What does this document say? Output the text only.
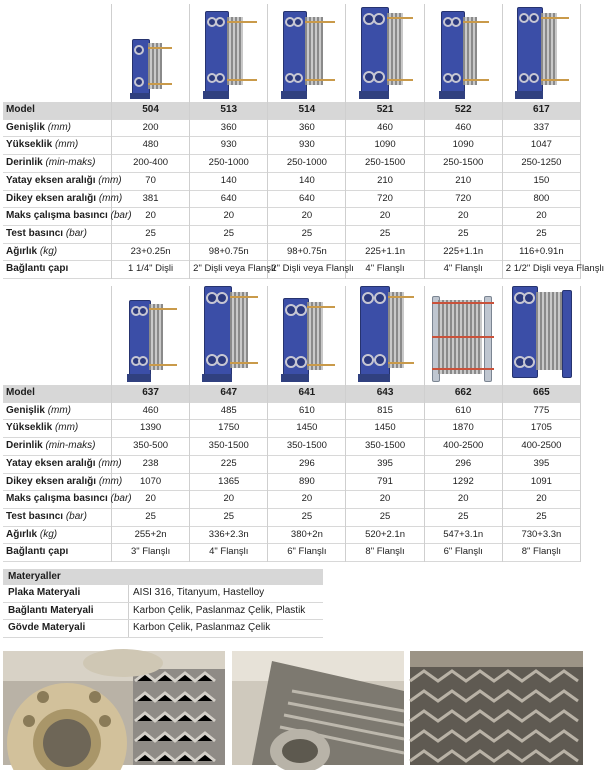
Model	504	513	514	521	522	617
Genişlik (mm)	200	360	360	460	460	337
Yükseklik (mm)	480	930	930	1090	1090	1047
Derinlik (min-maks)	200-400	250-1000	250-1000	250-1500	250-1500	250-1250
Yatay eksen aralığı (mm)	70	140	140	210	210	150
Dikey eksen aralığı (mm)	381	640	640	720	720	800
Maks çalışma basıncı (bar)	20	20	20	20	20	20
Test basıncı (bar)	25	25	25	25	25	25
Ağırlık (kg)	23+0.25n	98+0.75n	98+0.75n	225+1.1n	225+1.1n	116+0.91n
Bağlantı çapı	1 1/4" Dişli	2" Dişli veya Flanşlı	2" Dişli veya Flanşlı	4" Flanşlı	4" Flanşlı	2 1/2" Dişli veya Flanşlı

Model	637	647	641	643	662	665
Genişlik (mm)	460	485	610	815	610	775
Yükseklik (mm)	1390	1750	1450	1450	1870	1705
Derinlik (min-maks)	350-500	350-1500	350-1500	350-1500	400-2500	400-2500
Yatay eksen aralığı (mm)	238	225	296	395	296	395
Dikey eksen aralığı (mm)	1070	1365	890	791	1292	1091
Maks çalışma basıncı (bar)	20	20	20	20	20	20
Test basıncı (bar)	25	25	25	25	25	25
Ağırlık (kg)	255+2n	336+2.3n	380+2n	520+2.1n	547+3.1n	730+3.3n
Bağlantı çapı	3" Flanşlı	4" Flanşlı	6" Flanşlı	8" Flanşlı	6" Flanşlı	8" Flanşlı
Materyaller
Plaka Materyali	AISI 316, Titanyum, Hastelloy
Bağlantı Materyali	Karbon Çelik, Paslanmaz Çelik, Plastik
Gövde Materyali	Karbon Çelik, Paslanmaz Çelik
